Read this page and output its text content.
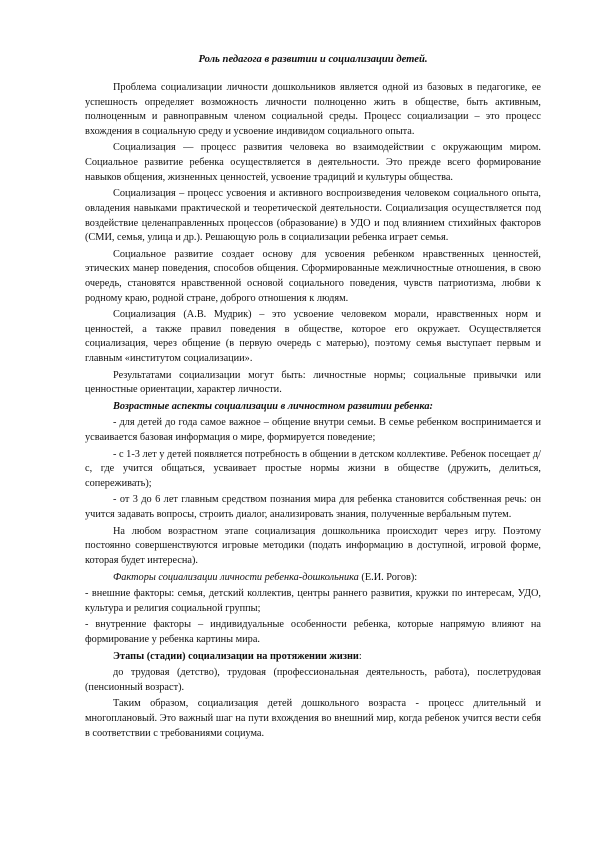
Роль педагога в развитии и социализации детей.

Проблема социализации личности дошкольников является одной из базовых в педагогике, ее успешность определяет возможность личности полноценно жить в обществе, быть активным, полноценным и равноправным членом социальной среды. Процесс социализации – это процесс вхождения в социальную среду и усвоение индивидом социального опыта.

Социализация — процесс развития человека во взаимодействии с окружающим миром. Социальное развитие ребенка осуществляется в деятельности. Это прежде всего формирование навыков общения, жизненных ценностей, усвоение традиций и культуры общества.

Социализация – процесс усвоения и активного воспроизведения человеком социального опыта, овладения навыками практической и теоретической деятельности. Социализация осуществляется под воздействие целенаправленных процессов (образование) в УДО и под влиянием стихийных факторов (СМИ, семья, улица и др.). Решающую роль в социализации ребенка играет семья.

Социальное развитие создает основу для усвоения ребенком нравственных ценностей, этических манер поведения, способов общения. Сформированные межличностные отношения, в свою очередь, становятся нравственной основой социального поведения, чувств патриотизма, любви к родному краю, родной стране, доброго отношения к людям.

Социализация (А.В. Мудрик) – это усвоение человеком морали, нравственных норм и ценностей, а также правил поведения в обществе, которое его окружает. Осуществляется социализация, через общение (в первую очередь с матерью), поэтому семья выступает первым и главным «институтом социализации».

Результатами социализации могут быть: личностные нормы; социальные привычки или ценностные ориентации, характер личности.

Возрастные аспекты социализации в личностном развитии ребенка:

- для детей до года самое важное – общение внутри семьи. В семье ребенком воспринимается и усваивается базовая информация о мире, формируется поведение;

- с 1-3 лет у детей появляется потребность в общении в детском коллективе. Ребенок посещает д/с, где учится общаться, усваивает простые нормы жизни в обществе (дружить, делиться, сопереживать);

- от 3 до 6 лет главным средством познания мира для ребенка становится собственная речь: он учится задавать вопросы, строить диалог, анализировать знания, полученные вербальным путем.

На любом возрастном этапе социализация дошкольника происходит через игру. Поэтому постоянно совершенствуются игровые методики (подать информацию в доступной, игровой форме, которая будет интересна).

Факторы социализации личности ребенка-дошкольника (Е.И. Рогов):

- внешние факторы: семья, детский коллектив, центры раннего развития, кружки по интересам, УДО, культура и религия социальной группы;

- внутренние факторы – индивидуальные особенности ребенка, которые напрямую влияют на формирование у ребенка картины мира.

Этапы (стадии) социализации на протяжении жизни:

до трудовая (детство), трудовая (профессиональная деятельность, работа), послетрудовая (пенсионный возраст).

Таким образом, социализация детей дошкольного возраста - процесс длительный и многоплановый. Это важный шаг на пути вхождения во внешний мир, когда ребенок учится вести себя в соответствии с требованиями социума.
